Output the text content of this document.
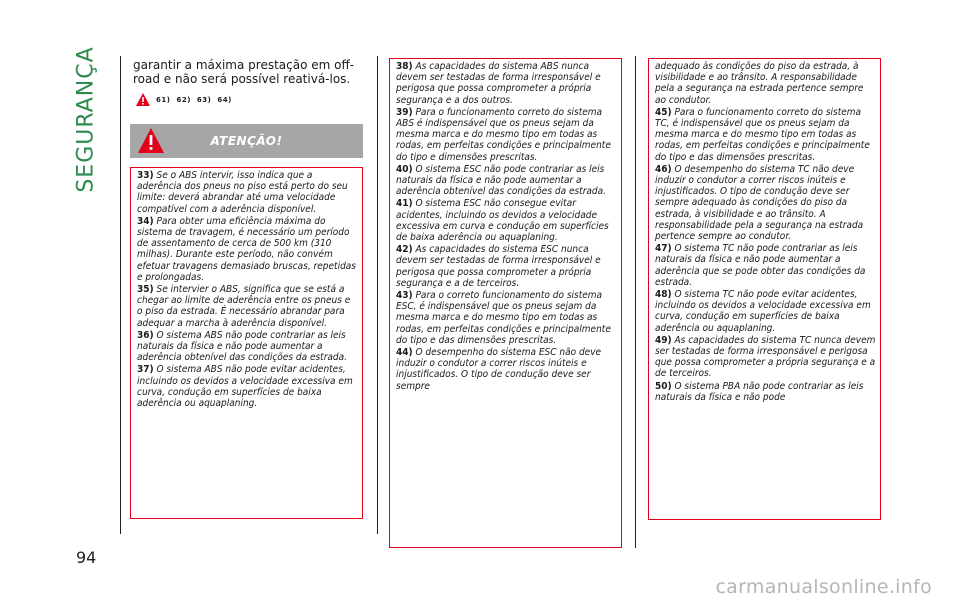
SEGURANÇA	garantir a máxima prestação em off-road e não será possível reativá-los.
61) 62) 63) 64)
ATENÇÃO!

33) Se o ABS intervir, isso indica que a aderência dos pneus no piso está perto do seu limite: deverá abrandar até uma velocidade compatível com a aderência disponível.

34) Para obter uma eficiência máxima do sistema de travagem, é necessário um período de assentamento de cerca de 500 km (310 milhas). Durante este período, não convém efetuar travagens demasiado bruscas, repetidas e prolongadas.

35) Se intervier o ABS, significa que se está a chegar ao limite de aderência entre os pneus e o piso da estrada. É necessário abrandar para adequar a marcha à aderência disponível.

36) O sistema ABS não pode contrariar as leis naturais da física e não pode aumentar a aderência obtenível das condições da estrada.

37) O sistema ABS não pode evitar acidentes, incluindo os devidos a velocidade excessiva em curva, condução em superfícies de baixa aderência ou aquaplaning.

38) As capacidades do sistema ABS nunca devem ser testadas de forma irresponsável e perigosa que possa comprometer a própria segurança e a dos outros.

39) Para o funcionamento correto do sistema ABS é indispensável que os pneus sejam da mesma marca e do mesmo tipo em todas as rodas, em perfeitas condições e principalmente do tipo e dimensões prescritas.

40) O sistema ESC não pode contrariar as leis naturais da física e não pode aumentar a aderência obtenível das condições da estrada.

41) O sistema ESC não consegue evitar acidentes, incluindo os devidos a velocidade excessiva em curva e condução em superfícies de baixa aderência ou aquaplaning.

42) As capacidades do sistema ESC nunca devem ser testadas de forma irresponsável e perigosa que possa comprometer a própria segurança e a de terceiros.

43) Para o correto funcionamento do sistema ESC, é indispensável que os pneus sejam da mesma marca e do mesmo tipo em todas as rodas, em perfeitas condições e principalmente do tipo e das dimensões prescritas.

44) O desempenho do sistema ESC não deve induzir o condutor a correr riscos inúteis e injustificados. O tipo de condução deve ser sempre

adequado às condições do piso da estrada, à visibilidade e ao trânsito. A responsabilidade pela a segurança na estrada pertence sempre ao condutor.

45) Para o funcionamento correto do sistema TC, é indispensável que os pneus sejam da mesma marca e do mesmo tipo em todas as rodas, em perfeitas condições e principalmente do tipo e das dimensões prescritas.

46) O desempenho do sistema TC não deve induzir o condutor a correr riscos inúteis e injustificados. O tipo de condução deve ser sempre adequado às condições do piso da estrada, à visibilidade e ao trânsito. A responsabilidade pela a segurança na estrada pertence sempre ao condutor.

47) O sistema TC não pode contrariar as leis naturais da física e não pode aumentar a aderência que se pode obter das condições da estrada.

48) O sistema TC não pode evitar acidentes, incluindo os devidos a velocidade excessiva em curva, condução em superfícies de baixa aderência ou aquaplaning.

49) As capacidades do sistema TC nunca devem ser testadas de forma irresponsável e perigosa que possa comprometer a própria segurança e a de terceiros.

50) O sistema PBA não pode contrariar as leis naturais da física e não pode

94
carmanualsonline.info
